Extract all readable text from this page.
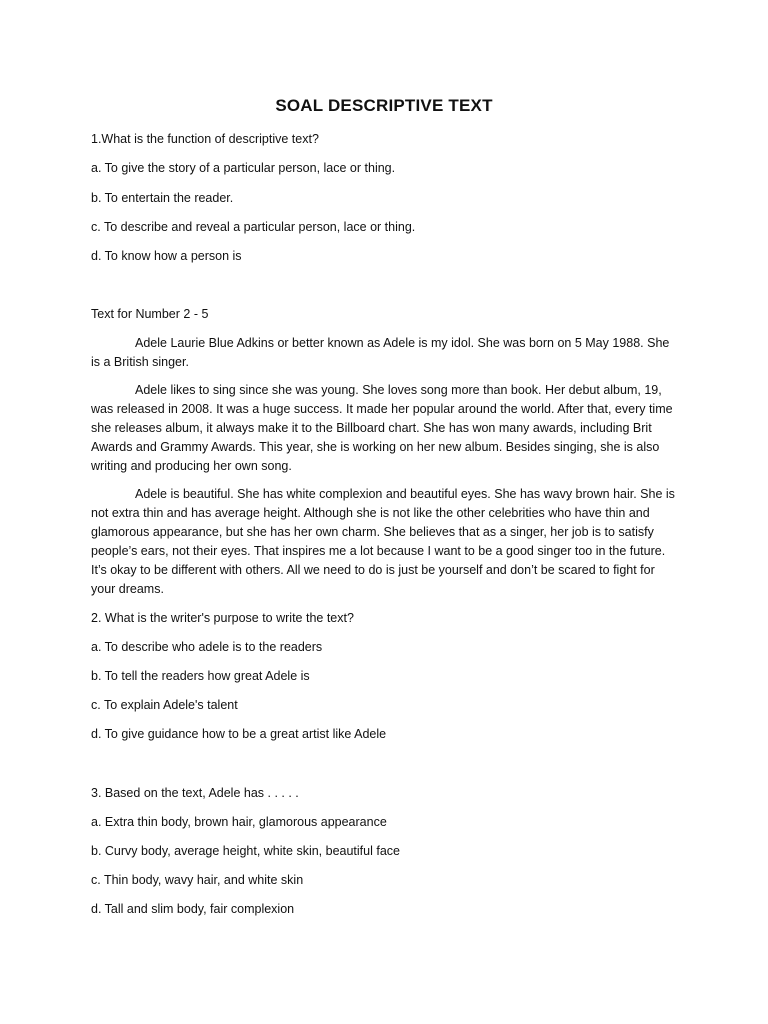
SOAL DESCRIPTIVE TEXT
1.What is the function of descriptive text?
a. To give the story of a particular person, lace or thing.
b. To entertain the reader.
c. To describe and reveal a particular person, lace or thing.
d. To know how a person is
Text for Number 2 - 5
Adele Laurie Blue Adkins or better known as Adele is my idol. She was born on 5 May 1988. She is a British singer.
Adele likes to sing since she was young. She loves song more than book. Her debut album, 19, was released in 2008. It was a huge success. It made her popular around the world. After that, every time she releases album, it always make it to the Billboard chart. She has won many awards, including Brit Awards and Grammy Awards. This year, she is working on her new album. Besides singing, she is also writing and producing her own song.
Adele is beautiful. She has white complexion and beautiful eyes. She has wavy brown hair. She is not extra thin and has average height. Although she is not like the other celebrities who have thin and glamorous appearance, but she has her own charm. She believes that as a singer, her job is to satisfy people’s ears, not their eyes. That inspires me a lot because I want to be a good singer too in the future. It’s okay to be different with others. All we need to do is just be yourself and don’t be scared to fight for your dreams.
2. What is the writer's purpose to write the text?
a. To describe who adele is to the readers
b. To tell the readers how great Adele is
c. To explain Adele's talent
d. To give guidance how to be a great artist like Adele
3. Based on the text, Adele has . . . . .
a. Extra thin body, brown hair, glamorous appearance
b. Curvy body, average height, white skin, beautiful face
c. Thin body, wavy hair, and white skin
d. Tall and slim body, fair complexion
